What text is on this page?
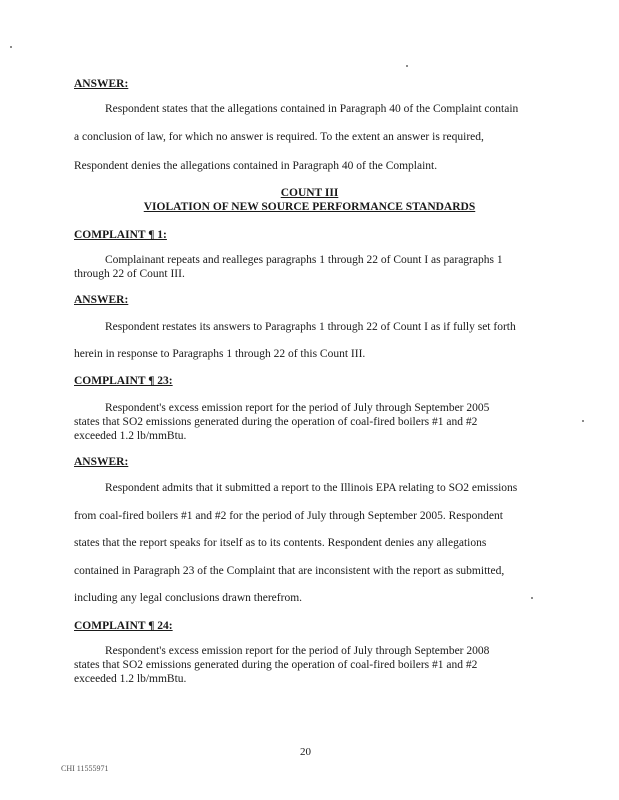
ANSWER:
Respondent states that the allegations contained in Paragraph 40 of the Complaint contain
a conclusion of law, for which no answer is required. To the extent an answer is required,
Respondent denies the allegations contained in Paragraph 40 of the Complaint.
COUNT III
VIOLATION OF NEW SOURCE PERFORMANCE STANDARDS
COMPLAINT ¶ 1:
Complainant repeats and realleges paragraphs 1 through 22 of Count I as paragraphs 1
through 22 of Count III.
ANSWER:
Respondent restates its answers to Paragraphs 1 through 22 of Count I as if fully set forth
herein in response to Paragraphs 1 through 22 of this Count III.
COMPLAINT ¶ 23:
Respondent's excess emission report for the period of July through September 2005
states that SO2 emissions generated during the operation of coal-fired boilers #1 and #2
exceeded 1.2 lb/mmBtu.
ANSWER:
Respondent admits that it submitted a report to the Illinois EPA relating to SO2 emissions
from coal-fired boilers #1 and #2 for the period of July through September 2005. Respondent
states that the report speaks for itself as to its contents. Respondent denies any allegations
contained in Paragraph 23 of the Complaint that are inconsistent with the report as submitted,
including any legal conclusions drawn therefrom.
COMPLAINT ¶ 24:
Respondent's excess emission report for the period of July through September 2008
states that SO2 emissions generated during the operation of coal-fired boilers #1 and #2
exceeded 1.2 lb/mmBtu.
20
CHI 11555971
